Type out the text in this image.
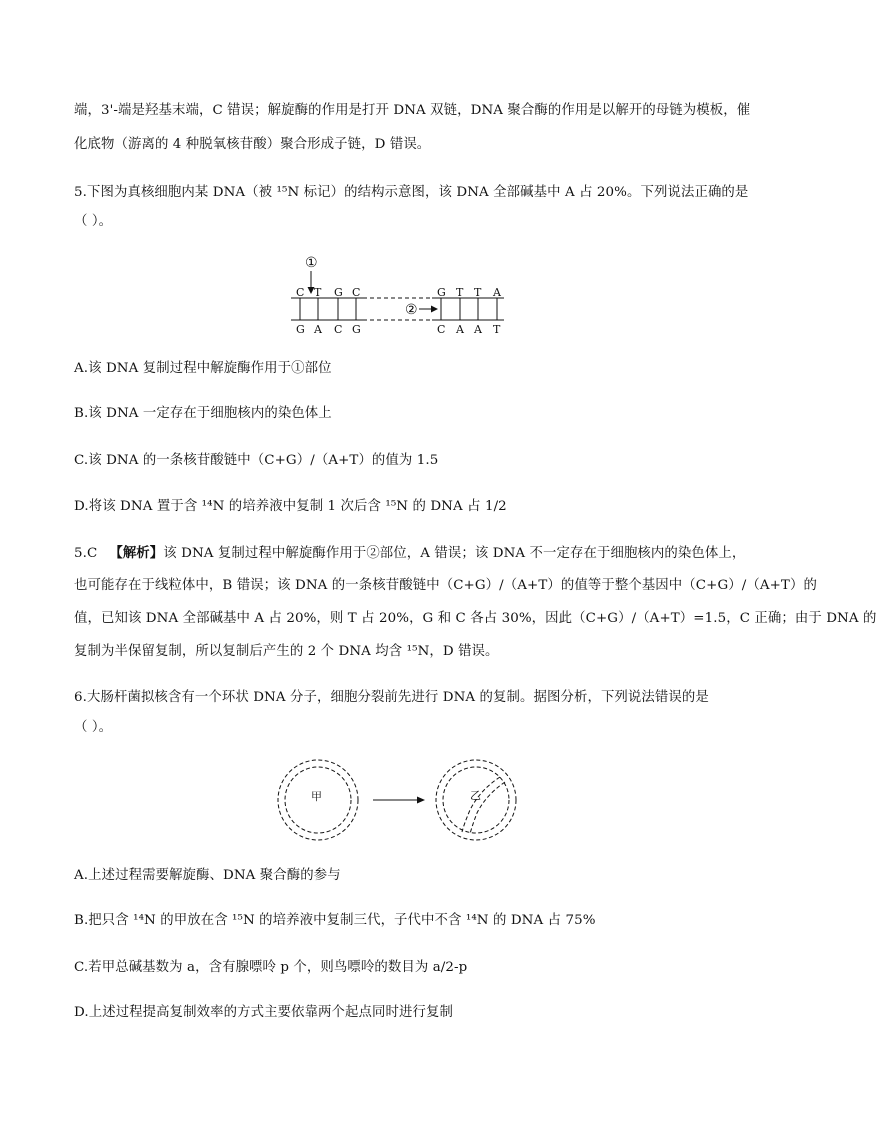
端，3'-端是羟基末端，C 错误；解旋酶的作用是打开 DNA 双链，DNA 聚合酶的作用是以解开的母链为模板，催
化底物（游离的 4 种脱氧核苷酸）聚合形成子链，D 错误。
5.下图为真核细胞内某 DNA（被 ¹⁵N 标记）的结构示意图，该 DNA 全部碱基中 A 占 20%。下列说法正确的是
（ ）。
①
C T G C	G T T A
②
G A C G	C A A T
A.该 DNA 复制过程中解旋酶作用于①部位
B.该 DNA 一定存在于细胞核内的染色体上
C.该 DNA 的一条核苷酸链中（C+G）/（A+T）的值为 1.5
D.将该 DNA 置于含 ¹⁴N 的培养液中复制 1 次后含 ¹⁵N 的 DNA 占 1/2
5.C 【解析】该 DNA 复制过程中解旋酶作用于②部位，A 错误；该 DNA 不一定存在于细胞核内的染色体上，
也可能存在于线粒体中，B 错误；该 DNA 的一条核苷酸链中（C+G）/（A+T）的值等于整个基因中（C+G）/（A+T）的
值，已知该 DNA 全部碱基中 A 占 20%，则 T 占 20%，G 和 C 各占 30%，因此（C+G）/（A+T）=1.5，C 正确；由于 DNA 的
复制为半保留复制，所以复制后产生的 2 个 DNA 均含 ¹⁵N，D 错误。
6.大肠杆菌拟核含有一个环状 DNA 分子，细胞分裂前先进行 DNA 的复制。据图分析，下列说法错误的是
（ ）。
甲	乙
A.上述过程需要解旋酶、DNA 聚合酶的参与
B.把只含 ¹⁴N 的甲放在含 ¹⁵N 的培养液中复制三代，子代中不含 ¹⁴N 的 DNA 占 75%
C.若甲总碱基数为 a，含有腺嘌呤 p 个，则鸟嘌呤的数目为 a/2-p
D.上述过程提高复制效率的方式主要依靠两个起点同时进行复制
